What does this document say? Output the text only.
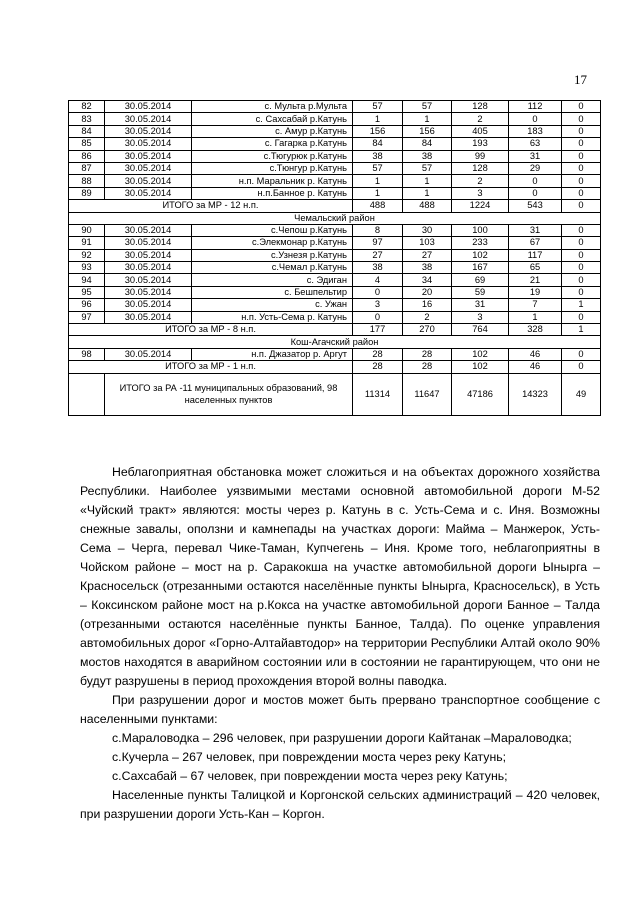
17
82	30.05.2014	с. Мульта р.Мульта	57	57	128	112	0
83	30.05.2014	с. Сахсабай р.Катунь	1	1	2	0	0
84	30.05.2014	с. Амур р.Катунь	156	156	405	183	0
85	30.05.2014	с. Гагарка р.Катунь	84	84	193	63	0
86	30.05.2014	с.Тюгурюк р.Катунь	38	38	99	31	0
87	30.05.2014	с.Тюнгур р.Катунь	57	57	128	29	0
88	30.05.2014	н.п. Маральник р. Катунь	1	1	2	0	0
89	30.05.2014	н.п.Банное р. Катунь	1	1	3	0	0
ИТОГО за МР - 12 н.п.			488	488	1224	543	0
Чемальский район							
90	30.05.2014	с.Чепош р.Катунь	8	30	100	31	0
91	30.05.2014	с.Элекмонар р.Катунь	97	103	233	67	0
92	30.05.2014	с.Узнезя р.Катунь	27	27	102	117	0
93	30.05.2014	с.Чемал р.Катунь	38	38	167	65	0
94	30.05.2014	с. Эдиган	4	34	69	21	0
95	30.05.2014	с. Бешпельтир	0	20	59	19	0
96	30.05.2014	с. Ужан	3	16	31	7	1
97	30.05.2014	н.п. Усть-Сема р. Катунь	0	2	3	1	0
ИТОГО за МР - 8 н.п.			177	270	764	328	1
Кош-Агачский район							
98	30.05.2014	н.п. Джазатор р. Аргут	28	28	102	46	0
ИТОГО за МР - 1 н.п.			28	28	102	46	0
	ИТОГО за РА -11 муниципальных образований, 98 населенных пунктов		11314	11647	47186	14323	49

Неблагоприятная обстановка может сложиться и на объектах дорожного хозяйства Республики. Наиболее уязвимыми местами основной автомобильной дороги М-52 «Чуйский тракт» являются: мосты через р. Катунь в с. Усть-Сема и с. Иня. Возможны снежные завалы, оползни и камнепады на участках дороги: Майма – Манжерок, Усть-Сема – Черга, перевал Чике-Таман, Купчегень – Иня. Кроме того, неблагоприятны в Чойском районе – мост на р. Саракокша на участке автомобильной дороги Ынырга – Красносельск (отрезанными остаются населённые пункты Ынырга, Красносельск), в Усть – Коксинском районе мост на р.Кокса на участке автомобильной дороги Банное – Талда (отрезанными остаются населённые пункты Банное, Талда). По оценке управления автомобильных дорог «Горно-Алтайавтодор» на территории Республики Алтай около 90% мостов находятся в аварийном состоянии или в состоянии не гарантирующем, что они не будут разрушены в период прохождения второй волны паводка.

При разрушении дорог и мостов может быть прервано транспортное сообщение с населенными пунктами:

с.Мараловодка – 296 человек, при разрушении дороги Кайтанак –Мараловодка;

с.Кучерла – 267 человек, при повреждении моста через реку Катунь;

с.Сахсабай – 67 человек, при повреждении моста через реку Катунь;

Населенные пункты Талицкой и Коргонской сельских администраций – 420 человек, при разрушении дороги Усть-Кан – Коргон.
